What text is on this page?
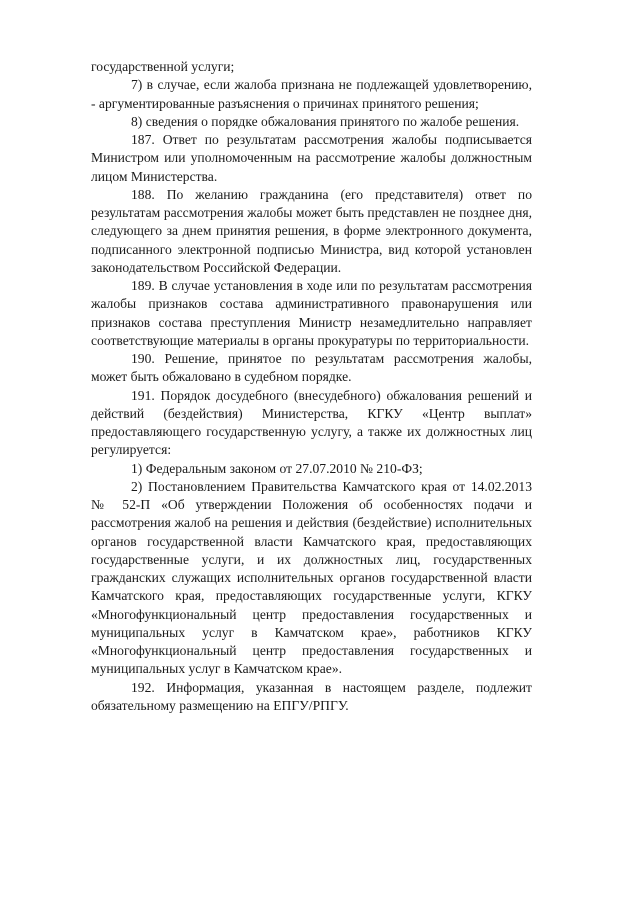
государственной услуги;

7) в случае, если жалоба признана не подлежащей удовлетворению, - аргументированные разъяснения о причинах принятого решения;

8) сведения о порядке обжалования принятого по жалобе решения.

187. Ответ по результатам рассмотрения жалобы подписывается Министром или уполномоченным на рассмотрение жалобы должностным лицом Министерства.

188. По желанию гражданина (его представителя) ответ по результатам рассмотрения жалобы может быть представлен не позднее дня, следующего за днем принятия решения, в форме электронного документа, подписанного электронной подписью Министра, вид которой установлен законодательством Российской Федерации.

189. В случае установления в ходе или по результатам рассмотрения жалобы признаков состава административного правонарушения или признаков состава преступления Министр незамедлительно направляет соответствующие материалы в органы прокуратуры по территориальности.

190. Решение, принятое по результатам рассмотрения жалобы, может быть обжаловано в судебном порядке.

191. Порядок досудебного (внесудебного) обжалования решений и действий (бездействия) Министерства, КГКУ «Центр выплат» предоставляющего государственную услугу, а также их должностных лиц регулируется:

1) Федеральным законом от 27.07.2010 № 210-ФЗ;

2) Постановлением Правительства Камчатского края от 14.02.2013 № 52-П «Об утверждении Положения об особенностях подачи и рассмотрения жалоб на решения и действия (бездействие) исполнительных органов государственной власти Камчатского края, предоставляющих государственные услуги, и их должностных лиц, государственных гражданских служащих исполнительных органов государственной власти Камчатского края, предоставляющих государственные услуги, КГКУ «Многофункциональный центр предоставления государственных и муниципальных услуг в Камчатском крае», работников КГКУ «Многофункциональный центр предоставления государственных и муниципальных услуг в Камчатском крае».

192. Информация, указанная в настоящем разделе, подлежит обязательному размещению на ЕПГУ/РПГУ.
